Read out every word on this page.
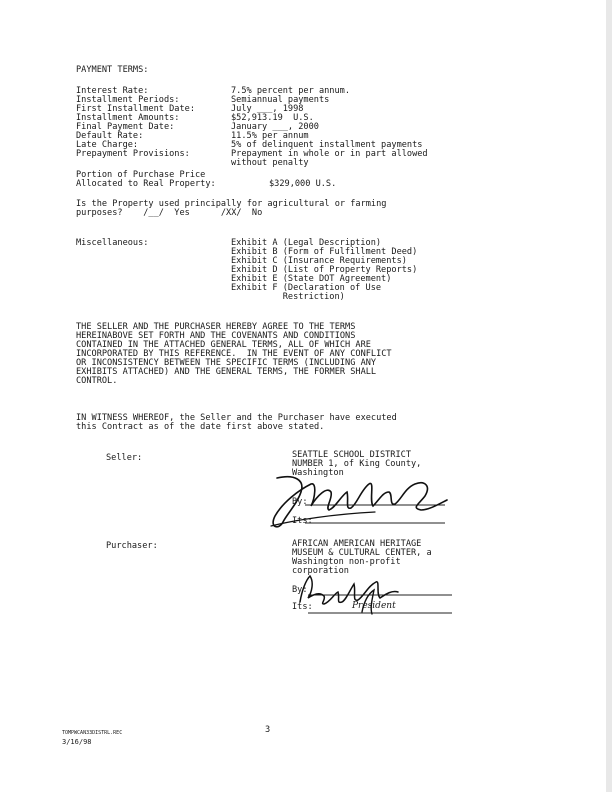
PAYMENT TERMS:
Interest Rate:	7.5% percent per annum.
Installment Periods:	Semiannual payments
First Installment Date:	July ___, 1998
Installment Amounts:	$52,913.19  U.S.
Final Payment Date:	January ___, 2000
Default Rate:	11.5% per annum
Late Charge:	5% of delinquent installment payments
Prepayment Provisions:	Prepayment in whole or in part allowed
without penalty
Portion of Purchase Price
Allocated to Real Property:	$329,000 U.S.
Is the Property used principally for agricultural or farming
purposes?    /__/  Yes      /XX/  No
Miscellaneous:	Exhibit A (Legal Description)
Exhibit B (Form of Fulfillment Deed)
Exhibit C (Insurance Requirements)
Exhibit D (List of Property Reports)
Exhibit E (State DOT Agreement)
Exhibit F (Declaration of Use
Restriction)
THE SELLER AND THE PURCHASER HEREBY AGREE TO THE TERMS
HEREINABOVE SET FORTH AND THE COVENANTS AND CONDITIONS
CONTAINED IN THE ATTACHED GENERAL TERMS, ALL OF WHICH ARE
INCORPORATED BY THIS REFERENCE.  IN THE EVENT OF ANY CONFLICT
OR INCONSISTENCY BETWEEN THE SPECIFIC TERMS (INCLUDING ANY
EXHIBITS ATTACHED) AND THE GENERAL TERMS, THE FORMER SHALL
CONTROL.
IN WITNESS WHEREOF, the Seller and the Purchaser have executed
this Contract as of the date first above stated.
Seller:	SEATTLE SCHOOL DISTRICT
NUMBER 1, of King County,
Washington
By:
Its:
Purchaser:	AFRICAN AMERICAN HERITAGE
MUSEUM & CULTURAL CENTER, a
Washington non-profit
corporation
By:
Its:	President
3
TOMPWCAN33DISTRL.REC
3/16/98
